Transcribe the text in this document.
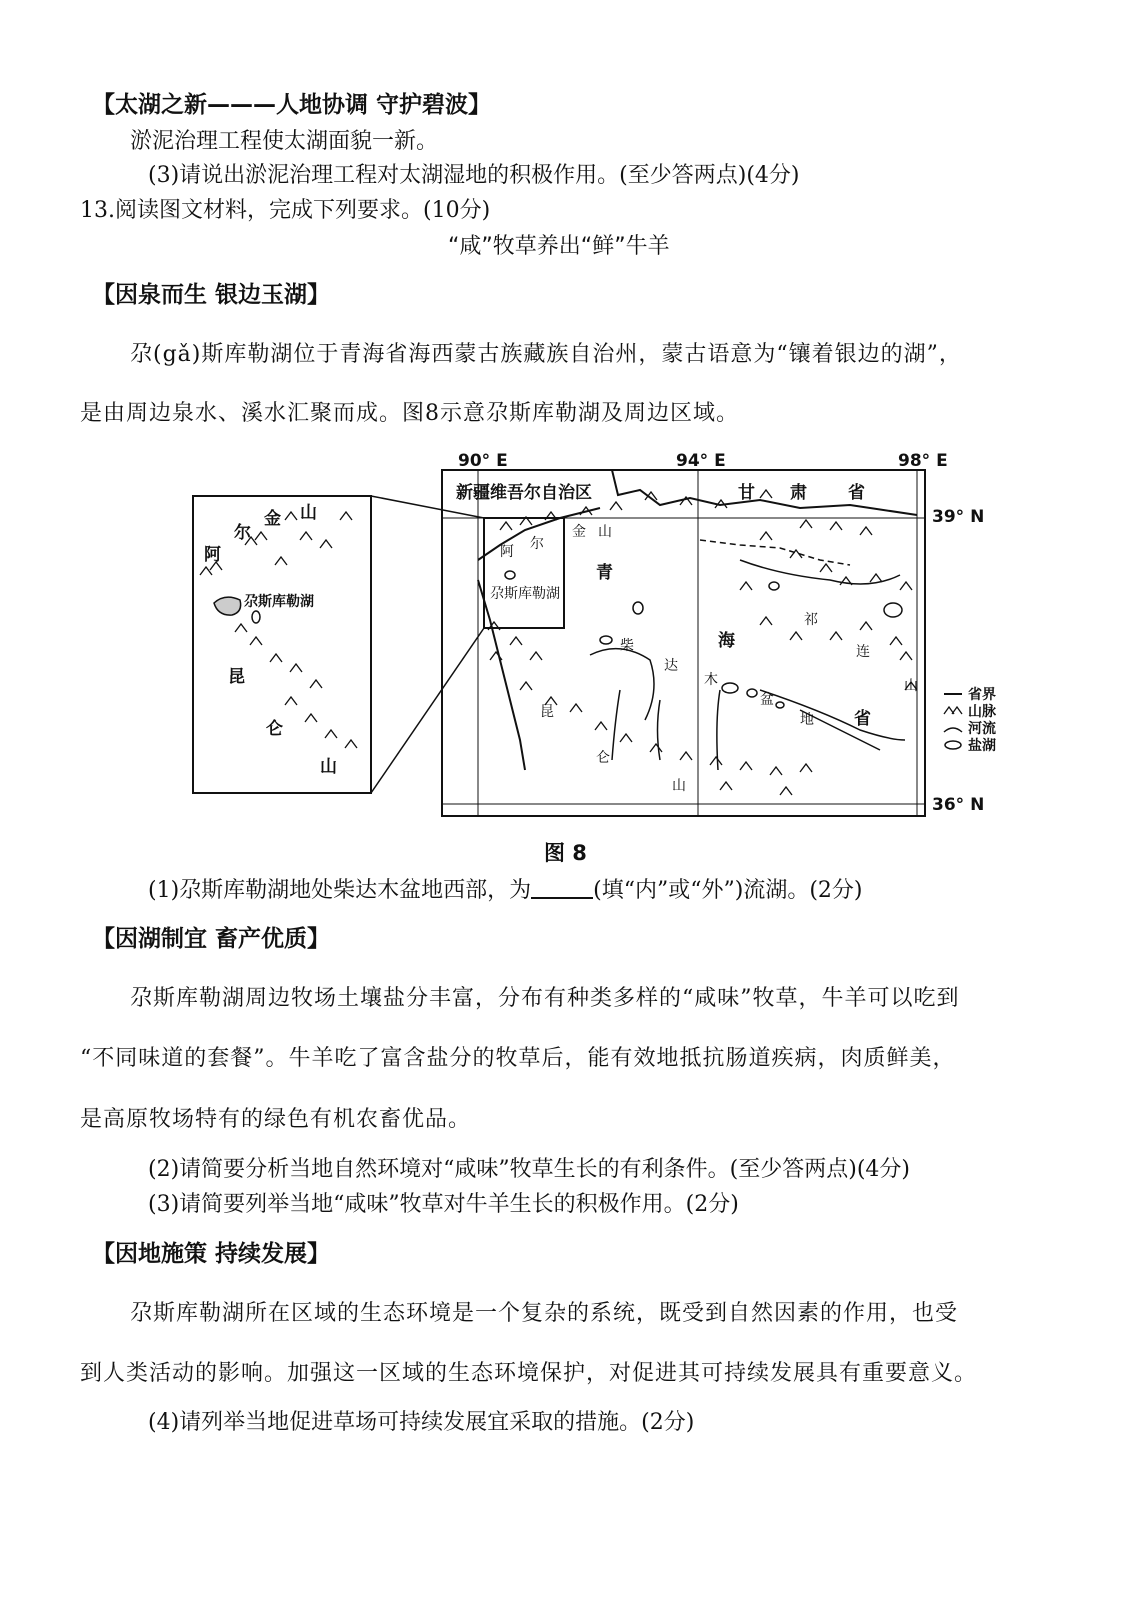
【太湖之新———人地协调 守护碧波】
淤泥治理工程使太湖面貌一新。
(3)请说出淤泥治理工程对太湖湿地的积极作用。(至少答两点)(4分)
13.阅读图文材料，完成下列要求。(10分)
“咸”牧草养出“鲜”牛羊
【因泉而生 银边玉湖】
尕(gǎ)斯库勒湖位于青海省海西蒙古族藏族自治州，蒙古语意为“镶着银边的湖”，
是由周边泉水、溪水汇聚而成。图8示意尕斯库勒湖及周边区域。
90° E	94° E	98° E
39° N
36° N
阿
尔
金 山
尕斯库勒湖
昆
仑
山
新疆维吾尔自治区	甘 肃 省
青
海
省
阿 尔
金 山
尕斯库勒湖
柴
达
木
盆
地
昆
仑
山
祁
连
山
省界
山脉
河流
盐湖
图 8
(1)尕斯库勒湖地处柴达木盆地西部，为	(填“内”或“外”)流湖。(2分)
【因湖制宜 畜产优质】
尕斯库勒湖周边牧场土壤盐分丰富，分布有种类多样的“咸味”牧草，牛羊可以吃到
“不同味道的套餐”。牛羊吃了富含盐分的牧草后，能有效地抵抗肠道疾病，肉质鲜美，
是高原牧场特有的绿色有机农畜优品。
(2)请简要分析当地自然环境对“咸味”牧草生长的有利条件。(至少答两点)(4分)
(3)请简要列举当地“咸味”牧草对牛羊生长的积极作用。(2分)
【因地施策 持续发展】
尕斯库勒湖所在区域的生态环境是一个复杂的系统，既受到自然因素的作用，也受
到人类活动的影响。加强这一区域的生态环境保护，对促进其可持续发展具有重要意义。
(4)请列举当地促进草场可持续发展宜采取的措施。(2分)
